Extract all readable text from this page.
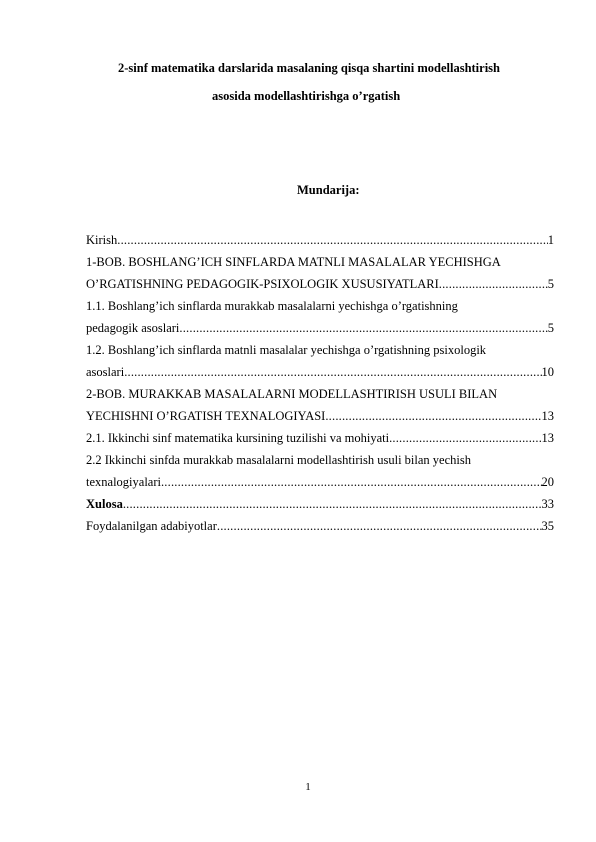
2-sinf matematika darslarida masalaning qisqa shartini modellashtirish
asosida modellashtirishga o’rgatish
Mundarija:
Kirish .....	1
1-BOB. BOSHLANG’ICH SINFLARDA MATNLI MASALALAR YECHISHGA
O’RGATISHNING PEDAGOGIK-PSIXOLOGIK XUSUSIYATLARI .....	5
1.1. Boshlang’ich sinflarda murakkab masalalarni yechishga o’rgatishning
pedagogik asoslari .....	5
1.2. Boshlang’ich sinflarda matnli masalalar yechishga o’rgatishning psixologik
asoslari .....	10
2-BOB. MURAKKAB MASALALARNI MODELLASHTIRISH USULI BILAN
YECHISHNI O’RGATISH TEXNALOGIYASI .....	13
2.1. Ikkinchi sinf matematika kursining tuzilishi va mohiyati .....	13
2.2 Ikkinchi sinfda murakkab masalalarni modellashtirish usuli bilan yechish
texnalogiyalari .....	20
Xulosa .....	33
Foydalanilgan adabiyotlar .....	35
1
